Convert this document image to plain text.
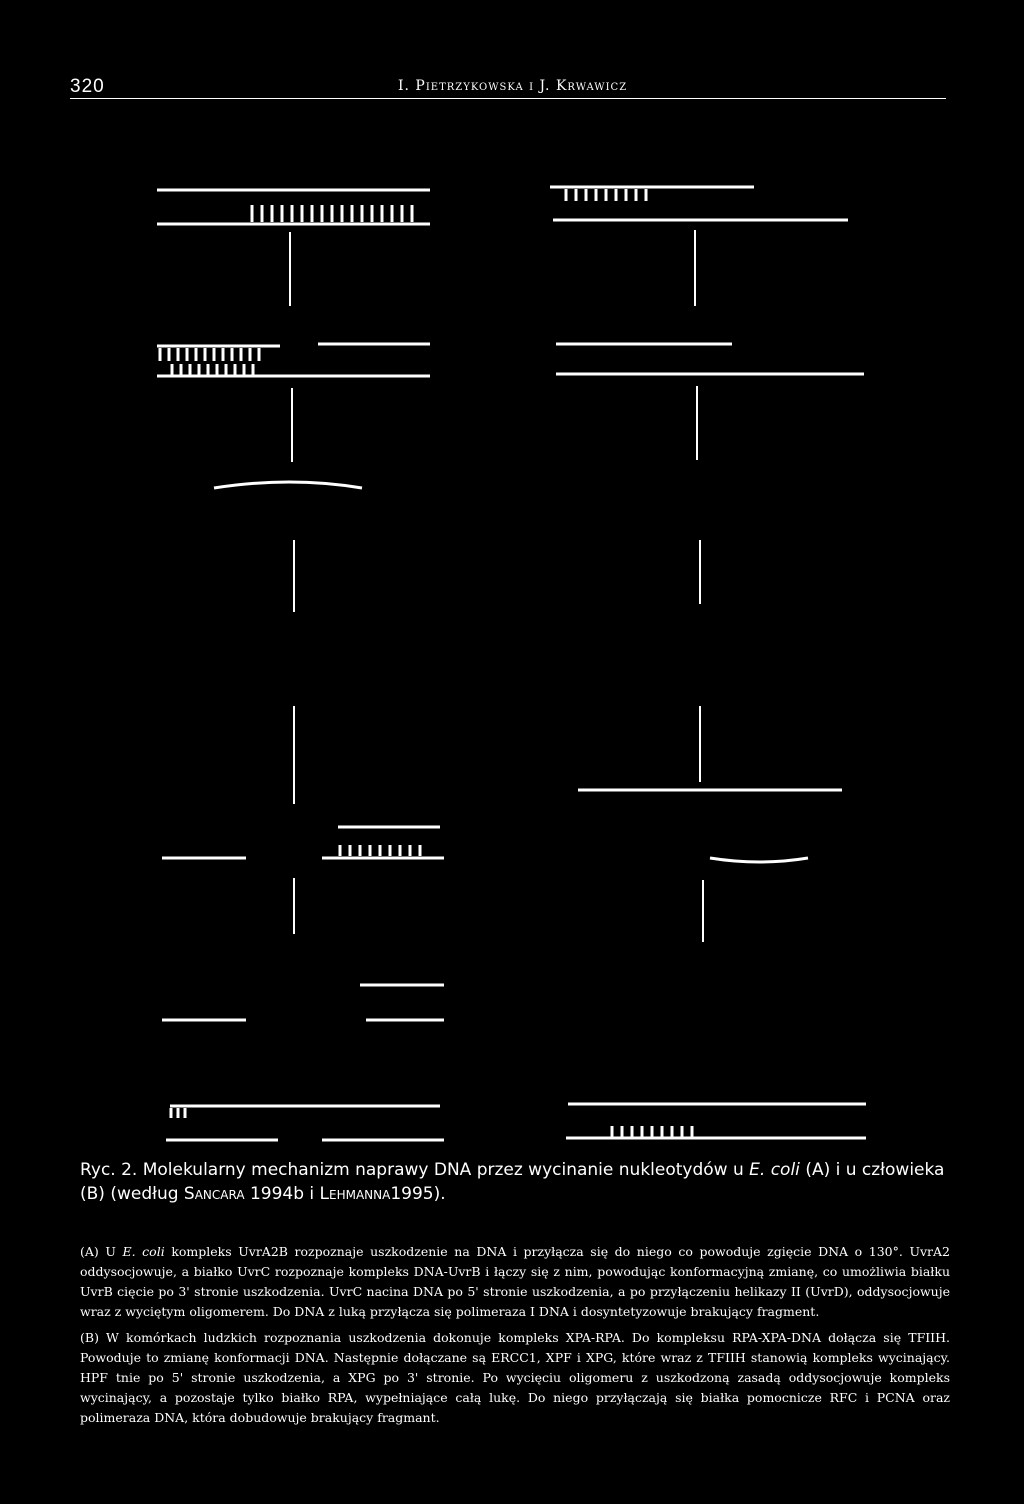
320	I. Pietrzykowska i J. Krwawicz
Ryc. 2. Molekularny mechanizm naprawy DNA przez wycinanie nukleotydów u E. coli (A) i u człowieka (B) (według Sancara 1994b i Lehmanna1995).
(A) U E. coli kompleks UvrA2B rozpoznaje uszkodzenie na DNA i przyłącza się do niego co powoduje zgięcie DNA o 130°. UvrA2 oddysocjowuje, a białko UvrC rozpoznaje kompleks DNA-UvrB i łączy się z nim, powodując konformacyjną zmianę, co umożliwia białku UvrB cięcie po 3' stronie uszkodzenia. UvrC nacina DNA po 5' stronie uszkodzenia, a po przyłączeniu helikazy II (UvrD), oddysocjowuje wraz z wyciętym oligomerem. Do DNA z luką przyłącza się polimeraza I DNA i dosyntetyzowuje brakujący fragment.
(B) W komórkach ludzkich rozpoznania uszkodzenia dokonuje kompleks XPA-RPA. Do kompleksu RPA-XPA-DNA dołącza się TFIIH. Powoduje to zmianę konformacji DNA. Następnie dołączane są ERCC1, XPF i XPG, które wraz z TFIIH stanowią kompleks wycinający. HPF tnie po 5' stronie uszkodzenia, a XPG po 3' stronie. Po wycięciu oligomeru z uszkodzoną zasadą oddysocjowuje kompleks wycinający, a pozostaje tylko białko RPA, wypełniające całą lukę. Do niego przyłączają się białka pomocnicze RFC i PCNA oraz polimeraza DNA, która dobudowuje brakujący fragmant.
